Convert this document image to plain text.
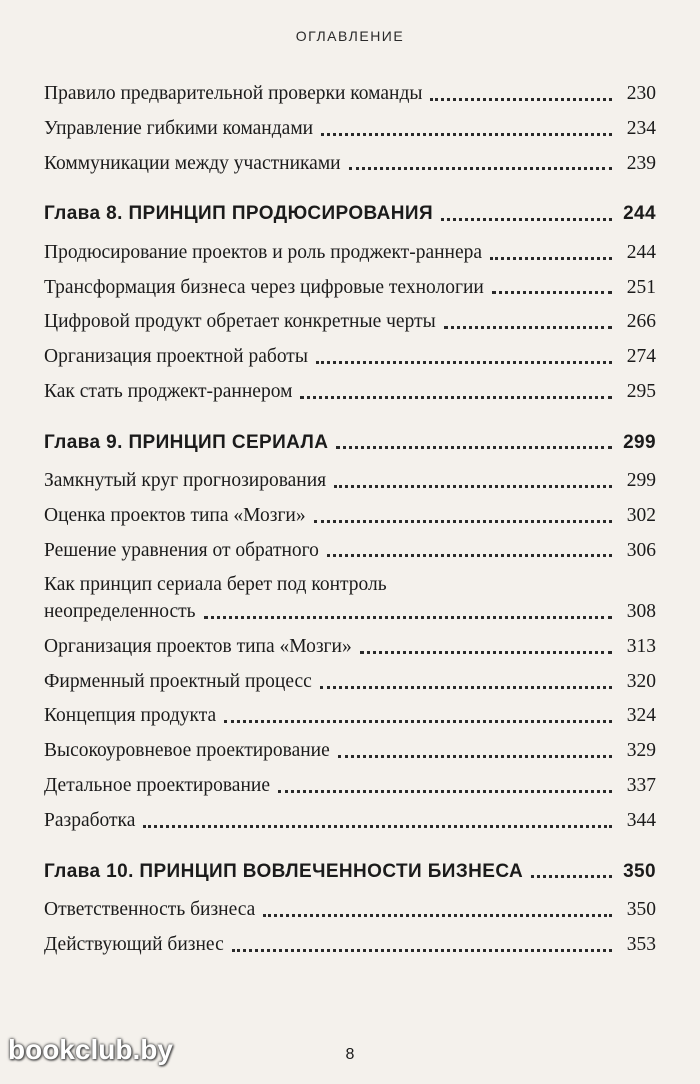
ОГЛАВЛЕНИЕ
Правило предварительной проверки команды	230
Управление гибкими командами	234
Коммуникации между участниками	239
Глава 8. ПРИНЦИП ПРОДЮСИРОВАНИЯ	244
Продюсирование проектов и роль проджект-раннера	244
Трансформация бизнеса через цифровые технологии	251
Цифровой продукт обретает конкретные черты	266
Организация проектной работы	274
Как стать проджект-раннером	295
Глава 9. ПРИНЦИП СЕРИАЛА	299
Замкнутый круг прогнозирования	299
Оценка проектов типа «Мозги»	302
Решение уравнения от обратного	306
Как принцип сериала берет под контроль
неопределенность	308
Организация проектов типа «Мозги»	313
Фирменный проектный процесс	320
Концепция продукта	324
Высокоуровневое проектирование	329
Детальное проектирование	337
Разработка	344
Глава 10. ПРИНЦИП ВОВЛЕЧЕННОСТИ БИЗНЕСА	350
Ответственность бизнеса	350
Действующий бизнес	353
8
bookclub.by
